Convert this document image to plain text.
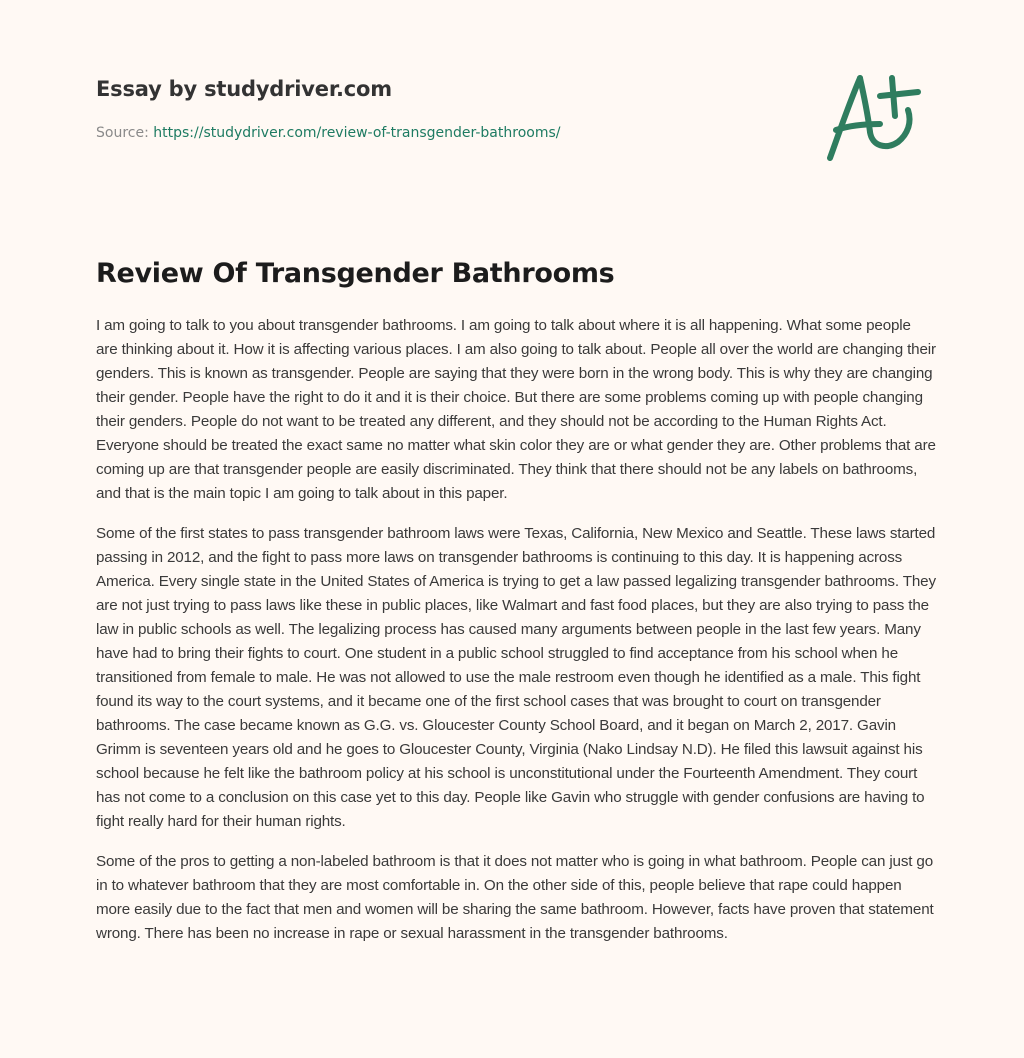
Essay by studydriver.com
Source: https://studydriver.com/review-of-transgender-bathrooms/
Review Of Transgender Bathrooms

I am going to talk to you about transgender bathrooms. I am going to talk about where it is all happening. What some people are thinking about it. How it is affecting various places. I am also going to talk about. People all over the world are changing their genders. This is known as transgender. People are saying that they were born in the wrong body. This is why they are changing their gender. People have the right to do it and it is their choice. But there are some problems coming up with people changing their genders. People do not want to be treated any different, and they should not be according to the Human Rights Act. Everyone should be treated the exact same no matter what skin color they are or what gender they are. Other problems that are coming up are that transgender people are easily discriminated. They think that there should not be any labels on bathrooms, and that is the main topic I am going to talk about in this paper.

Some of the first states to pass transgender bathroom laws were Texas, California, New Mexico and Seattle. These laws started passing in 2012, and the fight to pass more laws on transgender bathrooms is continuing to this day. It is happening across America. Every single state in the United States of America is trying to get a law passed legalizing transgender bathrooms. They are not just trying to pass laws like these in public places, like Walmart and fast food places, but they are also trying to pass the law in public schools as well. The legalizing process has caused many arguments between people in the last few years. Many have had to bring their fights to court. One student in a public school struggled to find acceptance from his school when he transitioned from female to male. He was not allowed to use the male restroom even though he identified as a male. This fight found its way to the court systems, and it became one of the first school cases that was brought to court on transgender bathrooms. The case became known as G.G. vs. Gloucester County School Board, and it began on March 2, 2017. Gavin Grimm is seventeen years old and he goes to Gloucester County, Virginia (Nako Lindsay N.D). He filed this lawsuit against his school because he felt like the bathroom policy at his school is unconstitutional under the Fourteenth Amendment. They court has not come to a conclusion on this case yet to this day. People like Gavin who struggle with gender confusions are having to fight really hard for their human rights.

Some of the pros to getting a non-labeled bathroom is that it does not matter who is going in what bathroom. People can just go in to whatever bathroom that they are most comfortable in. On the other side of this, people believe that rape could happen more easily due to the fact that men and women will be sharing the same bathroom. However, facts have proven that statement wrong. There has been no increase in rape or sexual harassment in the transgender bathrooms.
